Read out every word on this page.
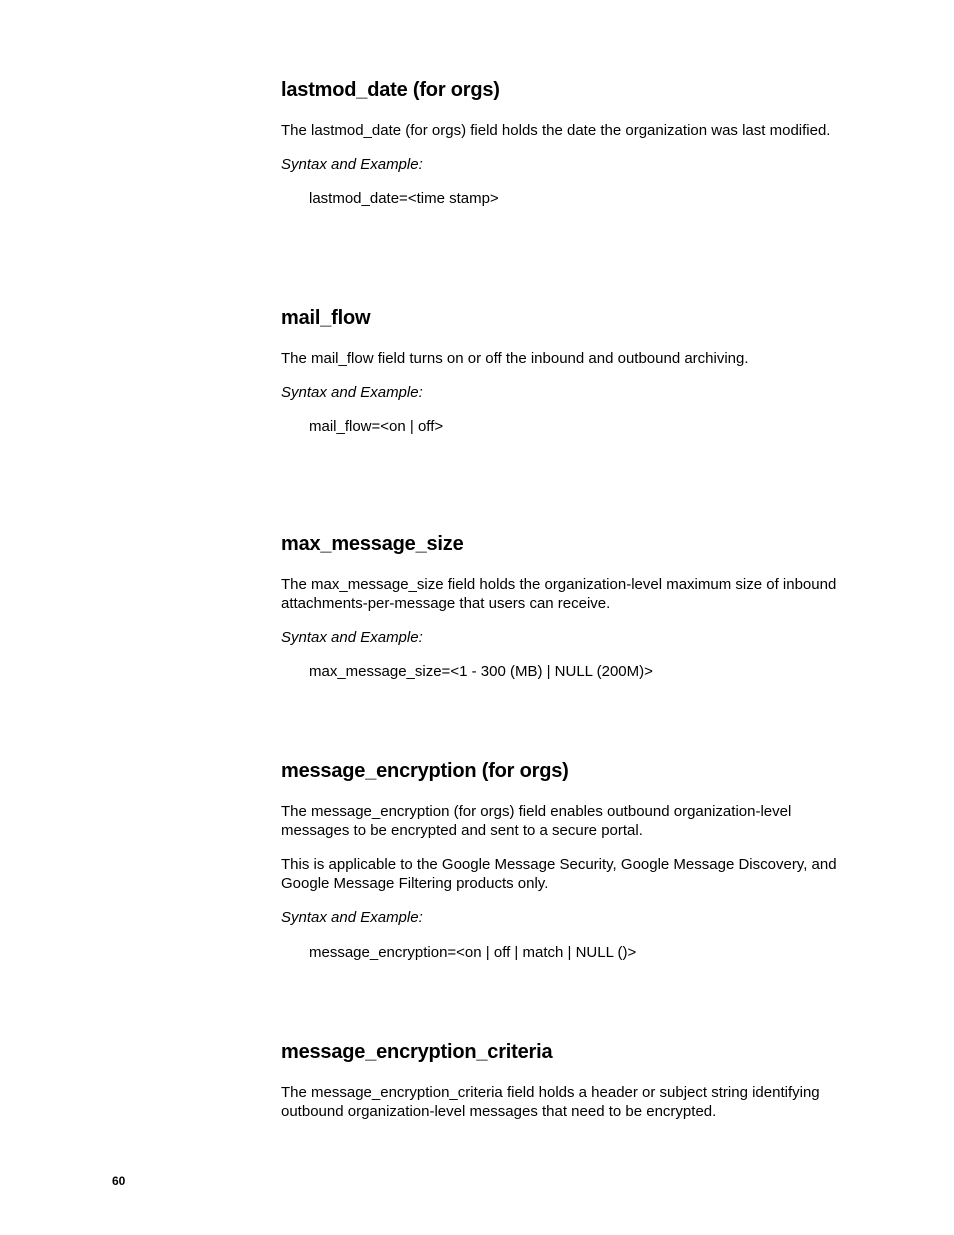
lastmod_date (for orgs)

The lastmod_date (for orgs) field holds the date the organization was last modified.

Syntax and Example:

lastmod_date=<time stamp>

mail_flow

The mail_flow field turns on or off the inbound and outbound archiving.

Syntax and Example:

mail_flow=<on | off>

max_message_size

The max_message_size field holds the organization-level maximum size of inbound attachments-per-message that users can receive.

Syntax and Example:

max_message_size=<1 - 300 (MB) | NULL (200M)>

message_encryption (for orgs)

The message_encryption (for orgs) field enables outbound organization-level messages to be encrypted and sent to a secure portal.

This is applicable to the Google Message Security, Google Message Discovery, and Google Message Filtering products only.

Syntax and Example:

message_encryption=<on | off | match | NULL ()>

message_encryption_criteria

The message_encryption_criteria field holds a header or subject string identifying outbound organization-level messages that need to be encrypted.

60
